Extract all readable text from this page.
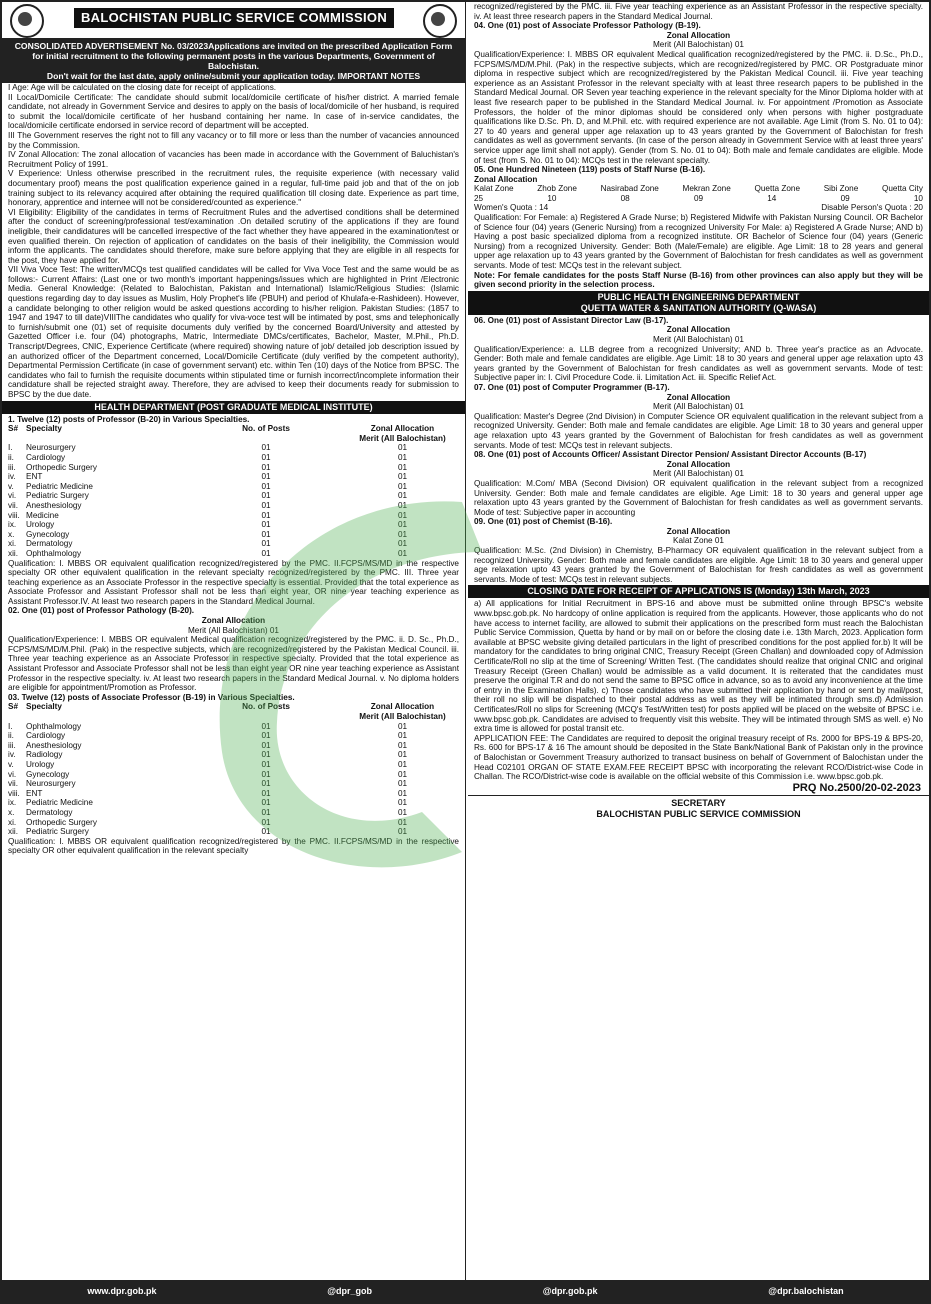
BALOCHISTAN PUBLIC SERVICE COMMISSION
CONSOLIDATED ADVERTISEMENT No. 03/2023Applications are invited on the prescribed Application Form for initial recruitment to the following permanent posts in the various Departments, Government of Balochistan.
Don't wait for the last date, apply online/submit your application today. IMPORTANT NOTES
I Age: Age will be calculated on the closing date for receipt of applications.
II Local/Domicile Certificate: The candidate should submit local/domicile certificate of his/her district. A married female candidate, not already in Government Service and desires to apply on the basis of local/domicile of her husband, is required to submit the local/domicile certificate of her husband containing her name. In case of in-service candidates, the local/domicile certificate endorsed in service record of department will be accepted.
III The Government reserves the right not to fill any vacancy or to fill more or less than the number of vacancies announced by the Commission.
IV Zonal Allocation: The zonal allocation of vacancies has been made in accordance with the Government of Baluchistan's Recruitment Policy of 1991.
V Experience: Unless otherwise prescribed in the recruitment rules, the requisite experience (with necessary valid documentary proof) means the post qualification experience gained in a regular, full-time paid job and that of the on job training subject to its relevancy acquired after obtaining the required qualification till closing date. Experience as part time, honorary, apprentice and internee will not be considered/counted as experience."
VI Eligibility: Eligibility of the candidates in terms of Recruitment Rules and the advertised conditions shall be determined after the conduct of screening/professional test/examination .On detailed scrutiny of the applications if they are found ineligible, their candidatures will be cancelled irrespective of the fact whether they have appeared in the examination/test or even qualified therein. On rejection of application of candidates on the basis of their ineligibility, the Commission would inform the applicants. The candidates should therefore, make sure before applying that they are eligible in all respects for the post, they have applied for.
VII Viva Voce Test: The written/MCQs test qualified candidates will be called for Viva Voce Test and the same would be as follows:- Current Affairs: (Last one or two month's important happenings/issues which are highlighted in Print /Electronic Media. General Knowledge: (Related to Balochistan, Pakistan and International) Islamic/Religious Studies: (Islamic questions regarding day to day issues as Muslim, Holy Prophet's life (PBUH) and period of Khulafa-e-Rashideen). However, a candidate belonging to other religion would be asked questions according to his/her religion. Pakistan Studies: (1857 to 1947 and 1947 to till date)VIIIThe candidates who qualify for viva-voce test will be intimated by post, sms and telephonically to furnish/submit one (01) set of requisite documents duly verified by the concerned Board/University and attested by Gazetted Officer i.e. four (04) photographs, Matric, Intermediate DMCs/certificates, Bachelor, Master, M.Phil., Ph.D. Transcript/Degrees, CNIC, Experience Certificate (where required) showing nature of job/ detailed job description issued by an authorized officer of the Department concerned, Local/Domicile Certificate (duly verified by the competent authority), Departmental Permission Certificate (in case of government servant) etc. within Ten (10) days of the Notice from BPSC. The candidates who fail to furnish the requisite documents within stipulated time or furnish incorrect/incomplete information their candidature shall be rejected straight away. Therefore, they are advised to keep their documents ready for submission to BPSC by the due date.
HEALTH DEPARTMENT (POST GRADUATE MEDICAL INSTITUTE)
1. Twelve (12) posts of Professor (B-20) in Various Specialties.
S# Specialty	No. of Posts	Zonal Allocation
Merit (All Balochistan)
I.	Neurosurgery	01	01
ii.	Cardiology	01	01
iii.	Orthopedic Surgery	01	01
iv.	ENT	01	01
v.	Pediatric Medicine	01	01
vi.	Pediatric Surgery	01	01
vii. Anesthesiology	01	01
viii. Medicine	01	01
ix.	Urology	01	01
x.	Gynecology	01	01
xi.	Dermatology	01	01
xii. Ophthalmology	01	01
Qualification: I. MBBS OR equivalent qualification recognized/registered by the PMC. II.FCPS/MS/MD in the respective specialty OR other equivalent qualification in the relevant specialty recognized/registered by the PMC. III. Three year teaching experience as an Associate Professor in the respective specialty is essential. Provided that the total experience as Associate Professor and Assistant Professor shall not be less than eight year, OR nine year teaching experience as Assistant Professor.IV. At least two research papers in the Standard Medical Journal.
02. One (01) post of Professor Pathology (B-20).
Zonal Allocation
Merit (All Balochistan) 01
Qualification/Experience: I. MBBS OR equivalent Medical qualification recognized/registered by the PMC. ii. D. Sc., Ph.D., FCPS/MS/MD/M.Phil. (Pak) in the respective subjects, which are recognized/registered by the Pakistan Medical Council. iii. Three year teaching experience as an Associate Professor in respective specialty. Provided that the total experience as Assistant Professor and Associate Professor shall not be less than eight year OR nine year teaching experience as Assistant Professor in the respective specialty. iv. At least two research papers in the Standard Medical Journal. v. No diploma holders are eligible for appointment/Promotion as Professor.
03. Twelve (12) posts of Associate Professor (B-19) in Various Specialties.
S# Specialty	No. of Posts	Zonal Allocation
Merit (All Balochistan)
I.	Ophthalmology	01	01
ii.	Cardiology	01	01
iii.	Anesthesiology	01	01
iv.	Radiology	01	01
v.	Urology	01	01
vi.	Gynecology	01	01
vii. Neurosurgery	01	01
viii. ENT	01	01
ix.	Pediatric Medicine	01	01
x.	Dermatology	01	01
xi.	Orthopedic Surgery	01	01
xii. Pediatric Surgery	01	01
Qualification: I. MBBS OR equivalent qualification recognized/registered by the PMC. II.FCPS/MS/MD in the respective specialty OR other equivalent qualification in the relevant specialty
recognized/registered by the PMC. iii. Five year teaching experience as an Assistant Professor in the respective specialty. iv. At least three research papers in the Standard Medical Journal.
04. One (01) post of Associate Professor Pathology (B-19).
Zonal Allocation
Merit (All Balochistan) 01
Qualification/Experience: I. MBBS OR equivalent Medical qualification recognized/registered by the PMC. ii. D.Sc., Ph.D., FCPS/MS/MD/M.Phil. (Pak) in the respective subjects, which are recognized/registered by PMC. OR Postgraduate minor diploma in respective subject which are recognized/registered by the Pakistan Medical Council. iii. Five year teaching experience as an Assistant Professor in the relevant specialty with at least three research papers to be published in the Standard Medical Journal. OR Seven year teaching experience in the relevant specialty for the Minor Diploma holder with at least five research paper to be published in the Standard Medical Journal. iv. For appointment /Promotion as Associate Professors, the holder of the minor diplomas should be considered only when persons with higher postgraduate qualifications like D.Sc. Ph. D, and M.Phil. etc. with required experience are not available. Age Limit (from S. No. 01 to 04): 27 to 40 years and general upper age relaxation up to 43 years granted by the Government of Balochistan for fresh candidates as well as government servants. (In case of the person already in Government Service with at least three years' service upper age limit shall not apply). Gender (from S. No. 01 to 04): Both male and female candidates are eligible. Mode of test (from S. No. 01 to 04): MCQs test in the relevant specialty.
05. One Hundred Nineteen (119) posts of Staff Nurse (B-16).
Zonal Allocation
Kalat Zone	Zhob Zone	Nasirabad Zone	Mekran Zone	Quetta Zone	Sibi Zone	Quetta City
25	10	08	09	14	09	10
Women's Quota : 14	Disable Person's Quota : 20
Qualification: For Female: a) Registered A Grade Nurse; b) Registered Midwife with Pakistan Nursing Council. OR Bachelor of Science four (04) years (Generic Nursing) from a recognized University For Male: a) Registered A Grade Nurse; AND b) Having a post basic specialized diploma from a recognized institute. OR Bachelor of Science four (04) years (Generic Nursing) from a recognized University. Gender: Both (Male/Female) are eligible. Age Limit: 18 to 28 years and general upper age relaxation up to 43 years granted by the Government of Balochistan for fresh candidates as well as government servants. Mode of test: MCQs test in the relevant subject.
Note: For female candidates for the posts Staff Nurse (B-16) from other provinces can also apply but they will be given second priority in the selection process.
PUBLIC HEALTH ENGINEERING DEPARTMENT
QUETTA WATER & SANITATION AUTHORITY (Q-WASA)
06. One (01) post of Assistant Director Law (B-17).
Zonal Allocation
Merit (All Balochistan) 01
Qualification/Experience: a. LLB degree from a recognized University; AND b. Three year's practice as an Advocate. Gender: Both male and female candidates are eligible. Age Limit: 18 to 30 years and general upper age relaxation upto 43 years granted by the Government of Balochistan for fresh candidates as well as government servants. Mode of test: Subjective paper in: I. Civil Procedure Code. ii. Limitation Act. iii. Specific Relief Act.
07. One (01) post of Computer Programmer (B-17).
Zonal Allocation
Merit (All Balochistan) 01
Qualification: Master's Degree (2nd Division) in Computer Science OR equivalent qualification in the relevant subject from a recognized University. Gender: Both male and female candidates are eligible. Age Limit: 18 to 30 years and general upper age relaxation upto 43 years granted by the Government of Balochistan for fresh candidates as well as government servants. Mode of test: MCQs test in relevant subjects.
08. One (01) post of Accounts Officer/ Assistant Director Pension/ Assistant Director Accounts (B-17)
Zonal Allocation
Merit (All Balochistan) 01
Qualification: M.Com/ MBA (Second Division) OR equivalent qualification in the relevant subject from a recognized University. Gender: Both male and female candidates are eligible. Age Limit: 18 to 30 years and general upper age relaxation upto 43 years granted by the Government of Balochistan for fresh candidates as well as government servants. Mode of test: Subjective paper in accounting
09. One (01) post of Chemist (B-16).
Zonal Allocation
Kalat Zone 01
Qualification: M.Sc. (2nd Division) in Chemistry, B-Pharmacy OR equivalent qualification in the relevant subject from a recognized University. Gender: Both male and female candidates are eligible. Age Limit: 18 to 30 years and general upper age relaxation upto 43 years granted by the Government of Balochistan for fresh candidates as well as government servants. Mode of test: MCQs test in relevant subjects.
CLOSING DATE FOR RECEIPT OF APPLICATIONS IS (Monday) 13th March, 2023
a) All applications for Initial Recruitment in BPS-16 and above must be submitted online through BPSC's website www.bpsc.gob.pk. No hardcopy of online application is required from the applicants. However, those applicants who do not have access to internet facility, are allowed to submit their applications on the prescribed form must reach the Balochistan Public Service Commission, Quetta by hand or by mail on or before the closing date i.e. 13th March, 2023. Application form available at BPSC website giving detailed particulars in the light of prescribed conditions for the post applied for.b) It will be mandatory for the candidates to bring original CNIC, Treasury Receipt (Green Challan) and downloaded copy of Admission Certificate/Roll no slip at the time of Screening/ Written Test. (The candidates should realize that original CNIC and original Treasury Receipt (Green Challan) would be admissible as a valid document. It is reiterated that the candidates must preserve the original T.R and do not send the same to BPSC office in advance, so as to avoid any inconvenience at the time of entry in the Examination Halls). c) Those candidates who have submitted their application by hand or sent by mail/post, their roll no slip will be dispatched to their postal address as well as they will be intimated through sms.d) Admission Certificates/Roll no slips for Screening (MCQ's Test/Written test) for posts applied will be placed on the website of BPSC i.e. www.bpsc.gob.pk. Candidates are advised to frequently visit this website. They will be intimated through SMS as well. e) No extra time is allowed for postal transit etc.
APPLICATION FEE: The Candidates are required to deposit the original treasury receipt of Rs. 2000 for BPS-19 & BPS-20, Rs. 600 for BPS-17 & 16 The amount should be deposited in the State Bank/National Bank of Pakistan only in the province of Balochistan or Government Treasury authorized to transact business on behalf of Government of Balochistan under the Head C02101 ORGAN OF STATE EXAM.FEE RECEIPT BPSC with incorporating the relevant RCO/District-wise Code in Challan. The RCO/District-wise code is available on the official website of this Commission i.e. www.bpsc.gob.pk.
PRQ No.2500/20-02-2023
SECRETARY
BALOCHISTAN PUBLIC SERVICE COMMISSION
www.dpr.gob.pk	@dpr_gob	@dpr.gob.pk	@dpr.balochistan
